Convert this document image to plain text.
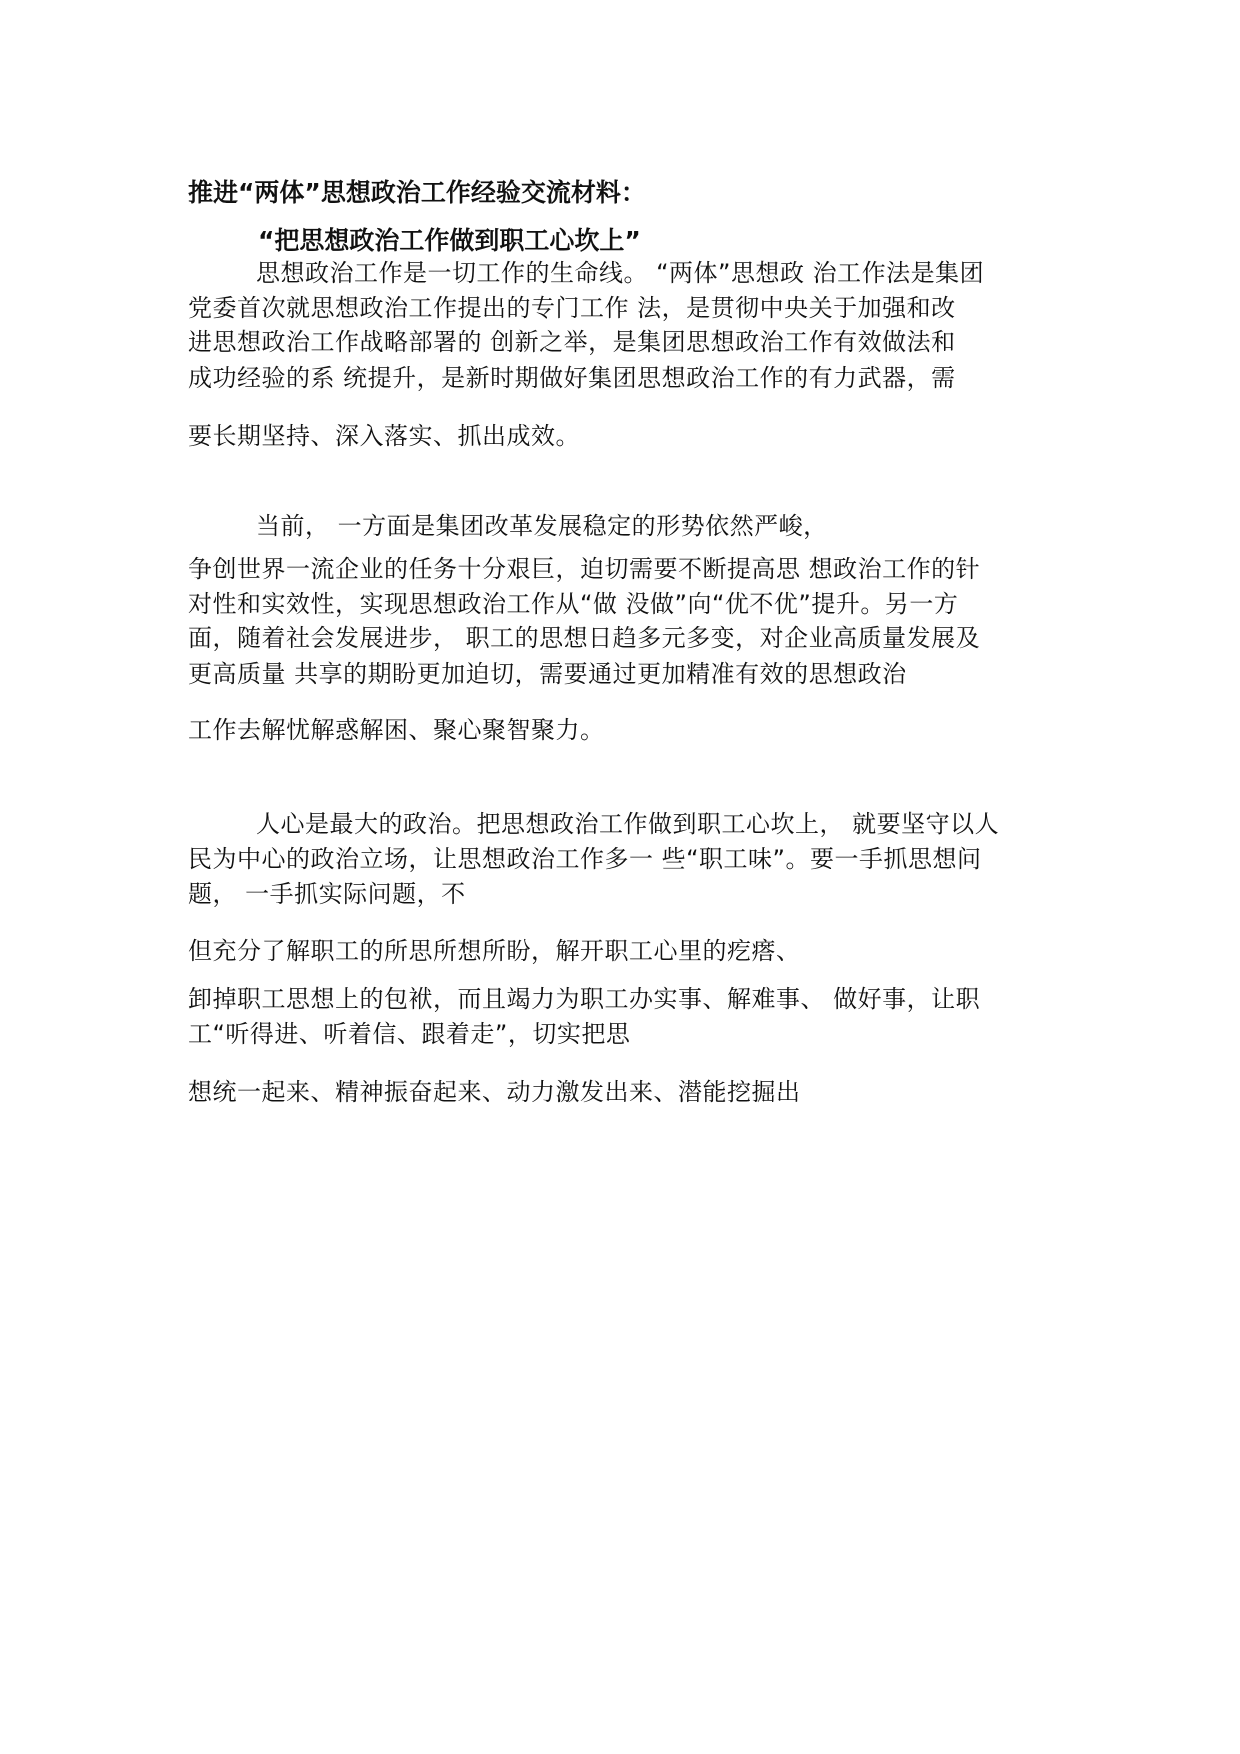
推进“两体”思想政治工作经验交流材料：
“把思想政治工作做到职工心坎上”
思想政治工作是一切工作的生命线。 “两体”思想政 治工作法是集团
党委首次就思想政治工作提出的专门工作 法，是贯彻中央关于加强和改
进思想政治工作战略部署的 创新之举，是集团思想政治工作有效做法和
成功经验的系 统提升，是新时期做好集团思想政治工作的有力武器，需
要长期坚持、深入落实、抓出成效。
当前， 一方面是集团改革发展稳定的形势依然严峻，
争创世界一流企业的任务十分艰巨，迫切需要不断提高思 想政治工作的针
对性和实效性，实现思想政治工作从“做 没做”向“优不优”提升。另一方
面，随着社会发展进步， 职工的思想日趋多元多变，对企业高质量发展及
更高质量 共享的期盼更加迫切，需要通过更加精准有效的思想政治
工作去解忧解惑解困、聚心聚智聚力。
人心是最大的政治。把思想政治工作做到职工心坎上， 就要坚守以人
民为中心的政治立场，让思想政治工作多一 些“职工味”。要一手抓思想问
题， 一手抓实际问题，不
但充分了解职工的所思所想所盼，解开职工心里的疙瘩、
卸掉职工思想上的包袱，而且竭力为职工办实事、解难事、 做好事，让职
工“听得进、听着信、跟着走”，切实把思
想统一起来、精神振奋起来、动力激发出来、潜能挖掘出
